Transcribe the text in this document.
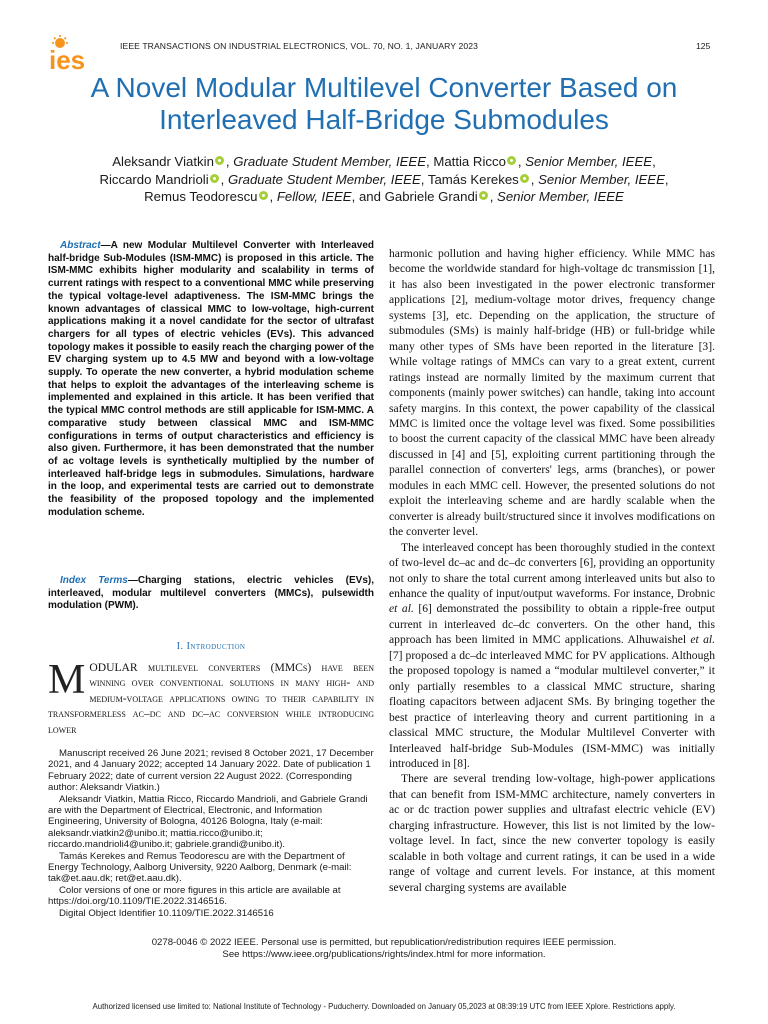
ies	IEEE TRANSACTIONS ON INDUSTRIAL ELECTRONICS, VOL. 70, NO. 1, JANUARY 2023	125
A Novel Modular Multilevel Converter Based on
Interleaved Half-Bridge Submodules
Aleksandr Viatkin , Graduate Student Member, IEEE, Mattia Ricco , Senior Member, IEEE,
Riccardo Mandrioli , Graduate Student Member, IEEE, Tamás Kerekes , Senior Member, IEEE,
Remus Teodorescu , Fellow, IEEE, and Gabriele Grandi , Senior Member, IEEE
Abstract—A new Modular Multilevel Converter with Interleaved half-bridge Sub-Modules (ISM-MMC) is proposed in this article. The ISM-MMC exhibits higher modularity and scalability in terms of current ratings with respect to a conventional MMC while preserving the typical voltage-level adaptiveness. The ISM-MMC brings the known advantages of classical MMC to low-voltage, high-current applications making it a novel candidate for the sector of ultrafast chargers for all types of electric vehicles (EVs). This advanced topology makes it possible to easily reach the charging power of the EV charging system up to 4.5 MW and beyond with a low-voltage supply. To operate the new converter, a hybrid modulation scheme that helps to exploit the advantages of the interleaving scheme is implemented and explained in this article. It has been verified that the typical MMC control methods are still applicable for ISM-MMC. A comparative study between classical MMC and ISM-MMC configurations in terms of output characteristics and efficiency is also given. Furthermore, it has been demonstrated that the number of ac voltage levels is synthetically multiplied by the number of interleaved half-bridge legs in submodules. Simulations, hardware in the loop, and experimental tests are carried out to demonstrate the feasibility of the proposed topology and the implemented modulation scheme.
Index Terms—Charging stations, electric vehicles (EVs), interleaved, modular multilevel converters (MMCs), pulsewidth modulation (PWM).
I. Introduction
MODULAR multilevel converters (MMCs) have been winning over conventional solutions in many high- and medium-voltage applications owing to their capability in transformerless ac–dc and dc–ac conversion while introducing lower

Manuscript received 26 June 2021; revised 8 October 2021, 17 December 2021, and 4 January 2022; accepted 14 January 2022. Date of publication 1 February 2022; date of current version 22 August 2022. (Corresponding author: Aleksandr Viatkin.)

Aleksandr Viatkin, Mattia Ricco, Riccardo Mandrioli, and Gabriele Grandi are with the Department of Electrical, Electronic, and Information Engineering, University of Bologna, 40126 Bologna, Italy (e-mail: aleksandr.viatkin2@unibo.it; mattia.ricco@unibo.it; riccardo.mandrioli4@unibo.it; gabriele.grandi@unibo.it).

Tamás Kerekes and Remus Teodorescu are with the Department of Energy Technology, Aalborg University, 9220 Aalborg, Denmark (e-mail: tak@et.aau.dk; ret@et.aau.dk).

Color versions of one or more figures in this article are available at https://doi.org/10.1109/TIE.2022.3146516.

Digital Object Identifier 10.1109/TIE.2022.3146516

harmonic pollution and having higher efficiency. While MMC has become the worldwide standard for high-voltage dc transmission [1], it has also been investigated in the power electronic transformer applications [2], medium-voltage motor drives, frequency change systems [3], etc. Depending on the application, the structure of submodules (SMs) is mainly half-bridge (HB) or full-bridge while many other types of SMs have been reported in the literature [3]. While voltage ratings of MMCs can vary to a great extent, current ratings instead are normally limited by the maximum current that components (mainly power switches) can handle, taking into account safety margins. In this context, the power capability of the classical MMC is limited once the voltage level was fixed. Some possibilities to boost the current capacity of the classical MMC have been already discussed in [4] and [5], exploiting current partitioning through the parallel connection of converters' legs, arms (branches), or power modules in each MMC cell. However, the presented solutions do not exploit the interleaving scheme and are hardly scalable when the converter is already built/structured since it involves modifications on the converter level.

The interleaved concept has been thoroughly studied in the context of two-level dc–ac and dc–dc converters [6], providing an opportunity not only to share the total current among interleaved units but also to enhance the quality of input/output waveforms. For instance, Drobnic et al. [6] demonstrated the possibility to obtain a ripple-free output current in interleaved dc–dc converters. On the other hand, this approach has been limited in MMC applications. Alhuwaishel et al. [7] proposed a dc–dc interleaved MMC for PV applications. Although the proposed topology is named a “modular multilevel converter,” it only partially resembles to a classical MMC structure, sharing floating capacitors between adjacent SMs. By bringing together the best practice of interleaving theory and current partitioning in a classical MMC structure, the Modular Multilevel Converter with Interleaved half-bridge Sub-Modules (ISM-MMC) was initially introduced in [8].

There are several trending low-voltage, high-power applications that can benefit from ISM-MMC architecture, namely converters in ac or dc traction power supplies and ultrafast electric vehicle (EV) charging infrastructure. However, this list is not limited by the low-voltage level. In fact, since the new converter topology is easily scalable in both voltage and current ratings, it can be used in a wide range of voltage and current levels. For instance, at this moment several charging systems are available

0278-0046 © 2022 IEEE. Personal use is permitted, but republication/redistribution requires IEEE permission.
See https://www.ieee.org/publications/rights/index.html for more information.
Authorized licensed use limited to: National Institute of Technology - Puducherry. Downloaded on January 05,2023 at 08:39:19 UTC from IEEE Xplore. Restrictions apply.
